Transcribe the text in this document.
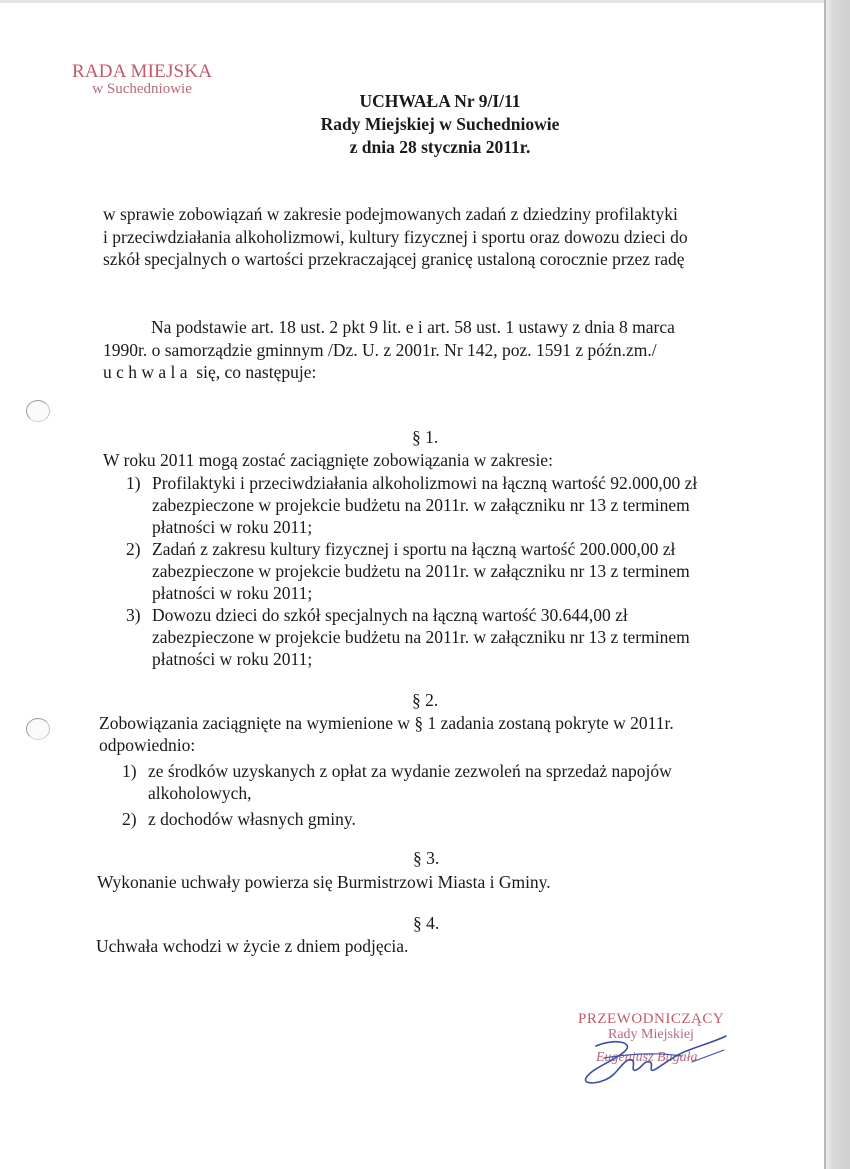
RADA MIEJSKA
w Suchedniowie
UCHWAŁA Nr 9/I/11
Rady Miejskiej w Suchedniowie
z dnia 28 stycznia 2011r.
w sprawie zobowiązań w zakresie podejmowanych zadań z dziedziny profilaktyki
i przeciwdziałania alkoholizmowi, kultury fizycznej i sportu oraz dowozu dzieci do
szkół specjalnych o wartości przekraczającej granicę ustaloną corocznie przez radę
Na podstawie art. 18 ust. 2 pkt 9 lit. e i art. 58 ust. 1 ustawy z dnia 8 marca
1990r. o samorządzie gminnym /Dz. U. z 2001r. Nr 142, poz. 1591 z późn.zm./
u c h w a l a  się, co następuje:
§ 1.
W roku 2011 mogą zostać zaciągnięte zobowiązania w zakresie:
1) Profilaktyki i przeciwdziałania alkoholizmowi na łączną wartość 92.000,00 zł
zabezpieczone w projekcie budżetu na 2011r. w załączniku nr 13 z terminem
płatności w roku 2011;
2) Zadań z zakresu kultury fizycznej i sportu na łączną wartość 200.000,00 zł
zabezpieczone w projekcie budżetu na 2011r. w załączniku nr 13 z terminem
płatności w roku 2011;
3) Dowozu dzieci do szkół specjalnych na łączną wartość 30.644,00 zł
zabezpieczone w projekcie budżetu na 2011r. w załączniku nr 13 z terminem
płatności w roku 2011;
§ 2.
Zobowiązania zaciągnięte na wymienione w § 1 zadania zostaną pokryte w 2011r.
odpowiednio:
1) ze środków uzyskanych z opłat za wydanie zezwoleń na sprzedaż napojów
alkoholowych,
2) z dochodów własnych gminy.
§ 3.
Wykonanie uchwały powierza się Burmistrzowi Miasta i Gminy.
§ 4.
Uchwała wchodzi w życie z dniem podjęcia.
PRZEWODNICZĄCY
Rady Miejskiej
Eugeniusz Bugała
